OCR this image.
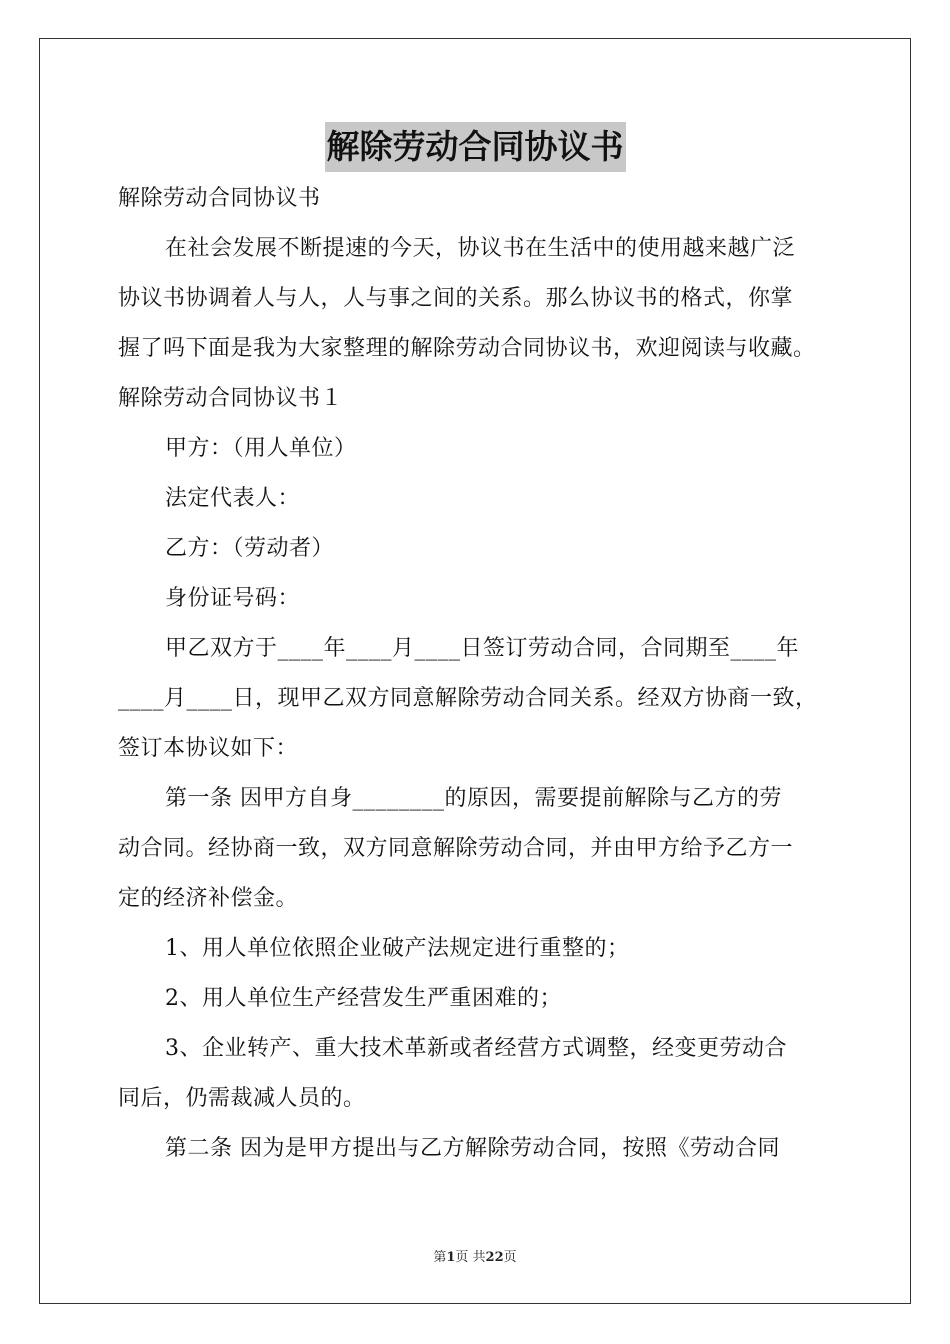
解除劳动合同协议书
解除劳动合同协议书
在社会发展不断提速的今天，协议书在生活中的使用越来越广泛
协议书协调着人与人，人与事之间的关系。那么协议书的格式，你掌
握了吗下面是我为大家整理的解除劳动合同协议书，欢迎阅读与收藏。
解除劳动合同协议书１
甲方：（用人单位）
法定代表人：
乙方：（劳动者）
身份证号码：
甲乙双方于____年____月____日签订劳动合同，合同期至____年
____月____日，现甲乙双方同意解除劳动合同关系。经双方协商一致，
签订本协议如下：
第一条 因甲方自身________的原因，需要提前解除与乙方的劳
动合同。经协商一致，双方同意解除劳动合同，并由甲方给予乙方一
定的经济补偿金。
1、用人单位依照企业破产法规定进行重整的；
2、用人单位生产经营发生严重困难的；
3、企业转产、重大技术革新或者经营方式调整，经变更劳动合
同后，仍需裁减人员的。
第二条 因为是甲方提出与乙方解除劳动合同，按照《劳动合同
第1页 共22页
